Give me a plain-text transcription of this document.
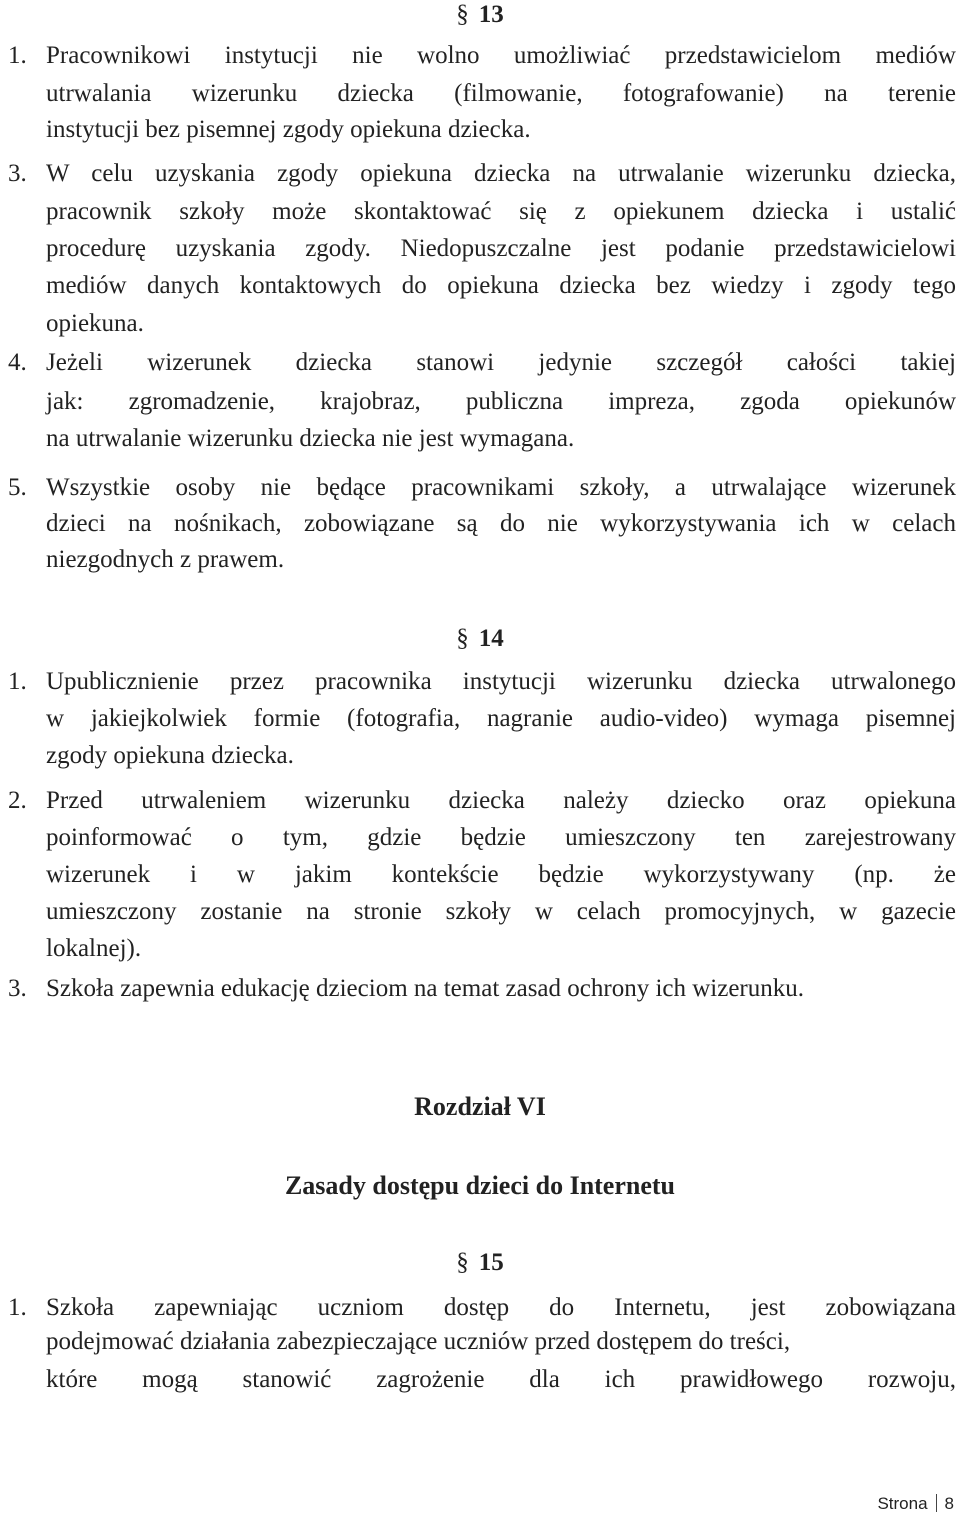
§ 13
1. Pracownikowi instytucji nie wolno umożliwiać przedstawicielom mediów
utrwalania wizerunku dziecka (filmowanie, fotografowanie) na terenie
instytucji bez pisemnej zgody opiekuna dziecka.
3. W celu uzyskania zgody opiekuna dziecka na utrwalanie wizerunku dziecka,
pracownik szkoły może skontaktować się z opiekunem dziecka i ustalić
procedurę uzyskania zgody. Niedopuszczalne jest podanie przedstawicielowi
mediów danych kontaktowych do opiekuna dziecka bez wiedzy i zgody tego
opiekuna.
4. Jeżeli wizerunek dziecka stanowi jedynie szczegół całości takiej
jak: zgromadzenie, krajobraz, publiczna impreza, zgoda opiekunów
na utrwalanie wizerunku dziecka nie jest wymagana.
5. Wszystkie osoby nie będące pracownikami szkoły, a utrwalające wizerunek
dzieci na nośnikach, zobowiązane są do nie wykorzystywania ich w celach
niezgodnych z prawem.
§ 14
1. Upublicznienie przez pracownika instytucji wizerunku dziecka utrwalonego
w jakiejkolwiek formie (fotografia, nagranie audio-video) wymaga pisemnej
zgody opiekuna dziecka.
2. Przed utrwaleniem wizerunku dziecka należy dziecko oraz opiekuna
poinformować o tym, gdzie będzie umieszczony ten zarejestrowany
wizerunek i w jakim kontekście będzie wykorzystywany (np. że
umieszczony zostanie na stronie szkoły w celach promocyjnych, w gazecie
lokalnej).
3. Szkoła zapewnia edukację dzieciom na temat zasad ochrony ich wizerunku.
Rozdział VI
Zasady dostępu dzieci do Internetu
§ 15
1. Szkoła zapewniając uczniom dostęp do Internetu, jest zobowiązana
podejmować działania zabezpieczające uczniów przed dostępem do treści,
które mogą stanowić zagrożenie dla ich prawidłowego rozwoju,
Strona 8
